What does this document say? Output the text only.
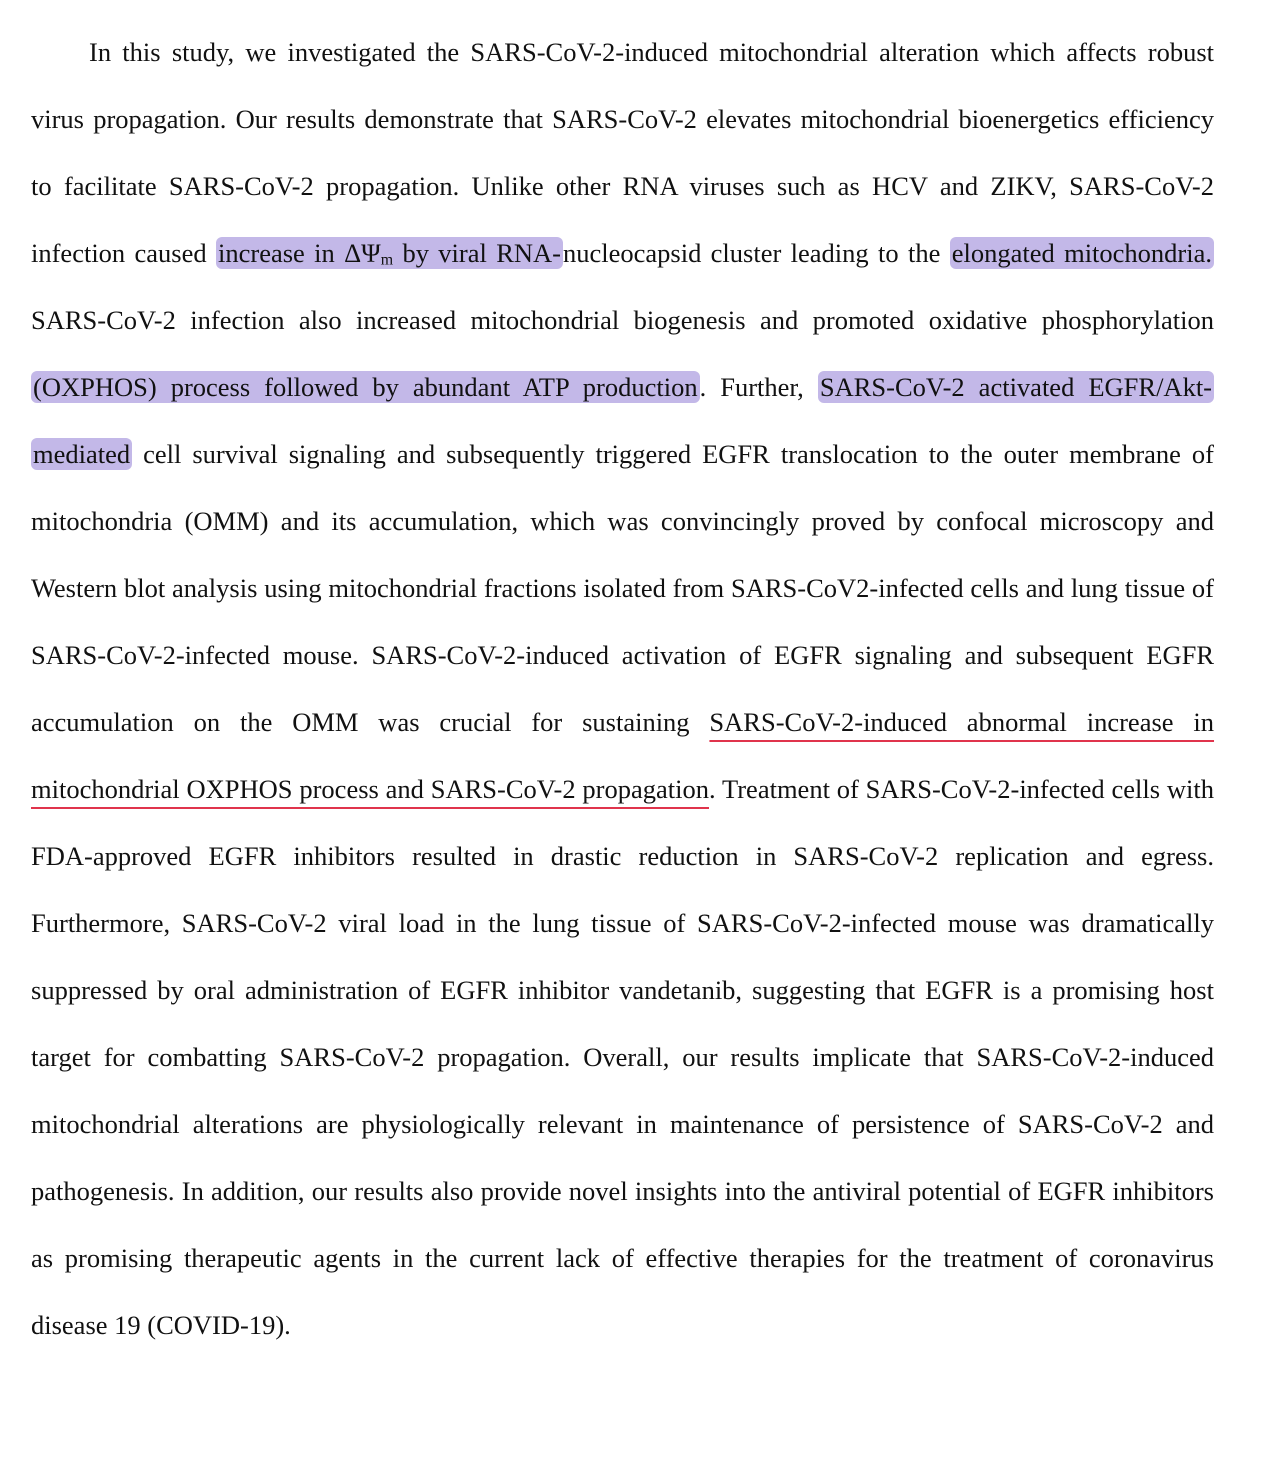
In this study, we investigated the SARS-CoV-2-induced mitochondrial alteration which affects robust virus propagation. Our results demonstrate that SARS-CoV-2 elevates mitochondrial bioenergetics efficiency to facilitate SARS-CoV-2 propagation. Unlike other RNA viruses such as HCV and ZIKV, SARS-CoV-2 infection caused increase in $\Delta\Psi_m$ by viral RNA-nucleocapsid cluster leading to the elongated mitochondria. SARS-CoV-2 infection also increased mitochondrial biogenesis and promoted oxidative phosphorylation (OXPHOS) process followed by abundant ATP production. Further, SARS-CoV-2 activated EGFR/Akt-mediated cell survival signaling and subsequently triggered EGFR translocation to the outer membrane of mitochondria (OMM) and its accumulation, which was convincingly proved by confocal microscopy and Western blot analysis using mitochondrial fractions isolated from SARS-CoV2-infected cells and lung tissue of SARS-CoV-2-infected mouse. SARS-CoV-2-induced activation of EGFR signaling and subsequent EGFR accumulation on the OMM was crucial for sustaining SARS-CoV-2-induced abnormal increase in mitochondrial OXPHOS process and SARS-CoV-2 propagation. Treatment of SARS-CoV-2-infected cells with FDA-approved EGFR inhibitors resulted in drastic reduction in SARS-CoV-2 replication and egress. Furthermore, SARS-CoV-2 viral load in the lung tissue of SARS-CoV-2-infected mouse was dramatically suppressed by oral administration of EGFR inhibitor vandetanib, suggesting that EGFR is a promising host target for combatting SARS-CoV-2 propagation. Overall, our results implicate that SARS-CoV-2-induced mitochondrial alterations are physiologically relevant in maintenance of persistence of SARS-CoV-2 and pathogenesis. In addition, our results also provide novel insights into the antiviral potential of EGFR inhibitors as promising therapeutic agents in the current lack of effective therapies for the treatment of coronavirus disease 19 (COVID-19).
